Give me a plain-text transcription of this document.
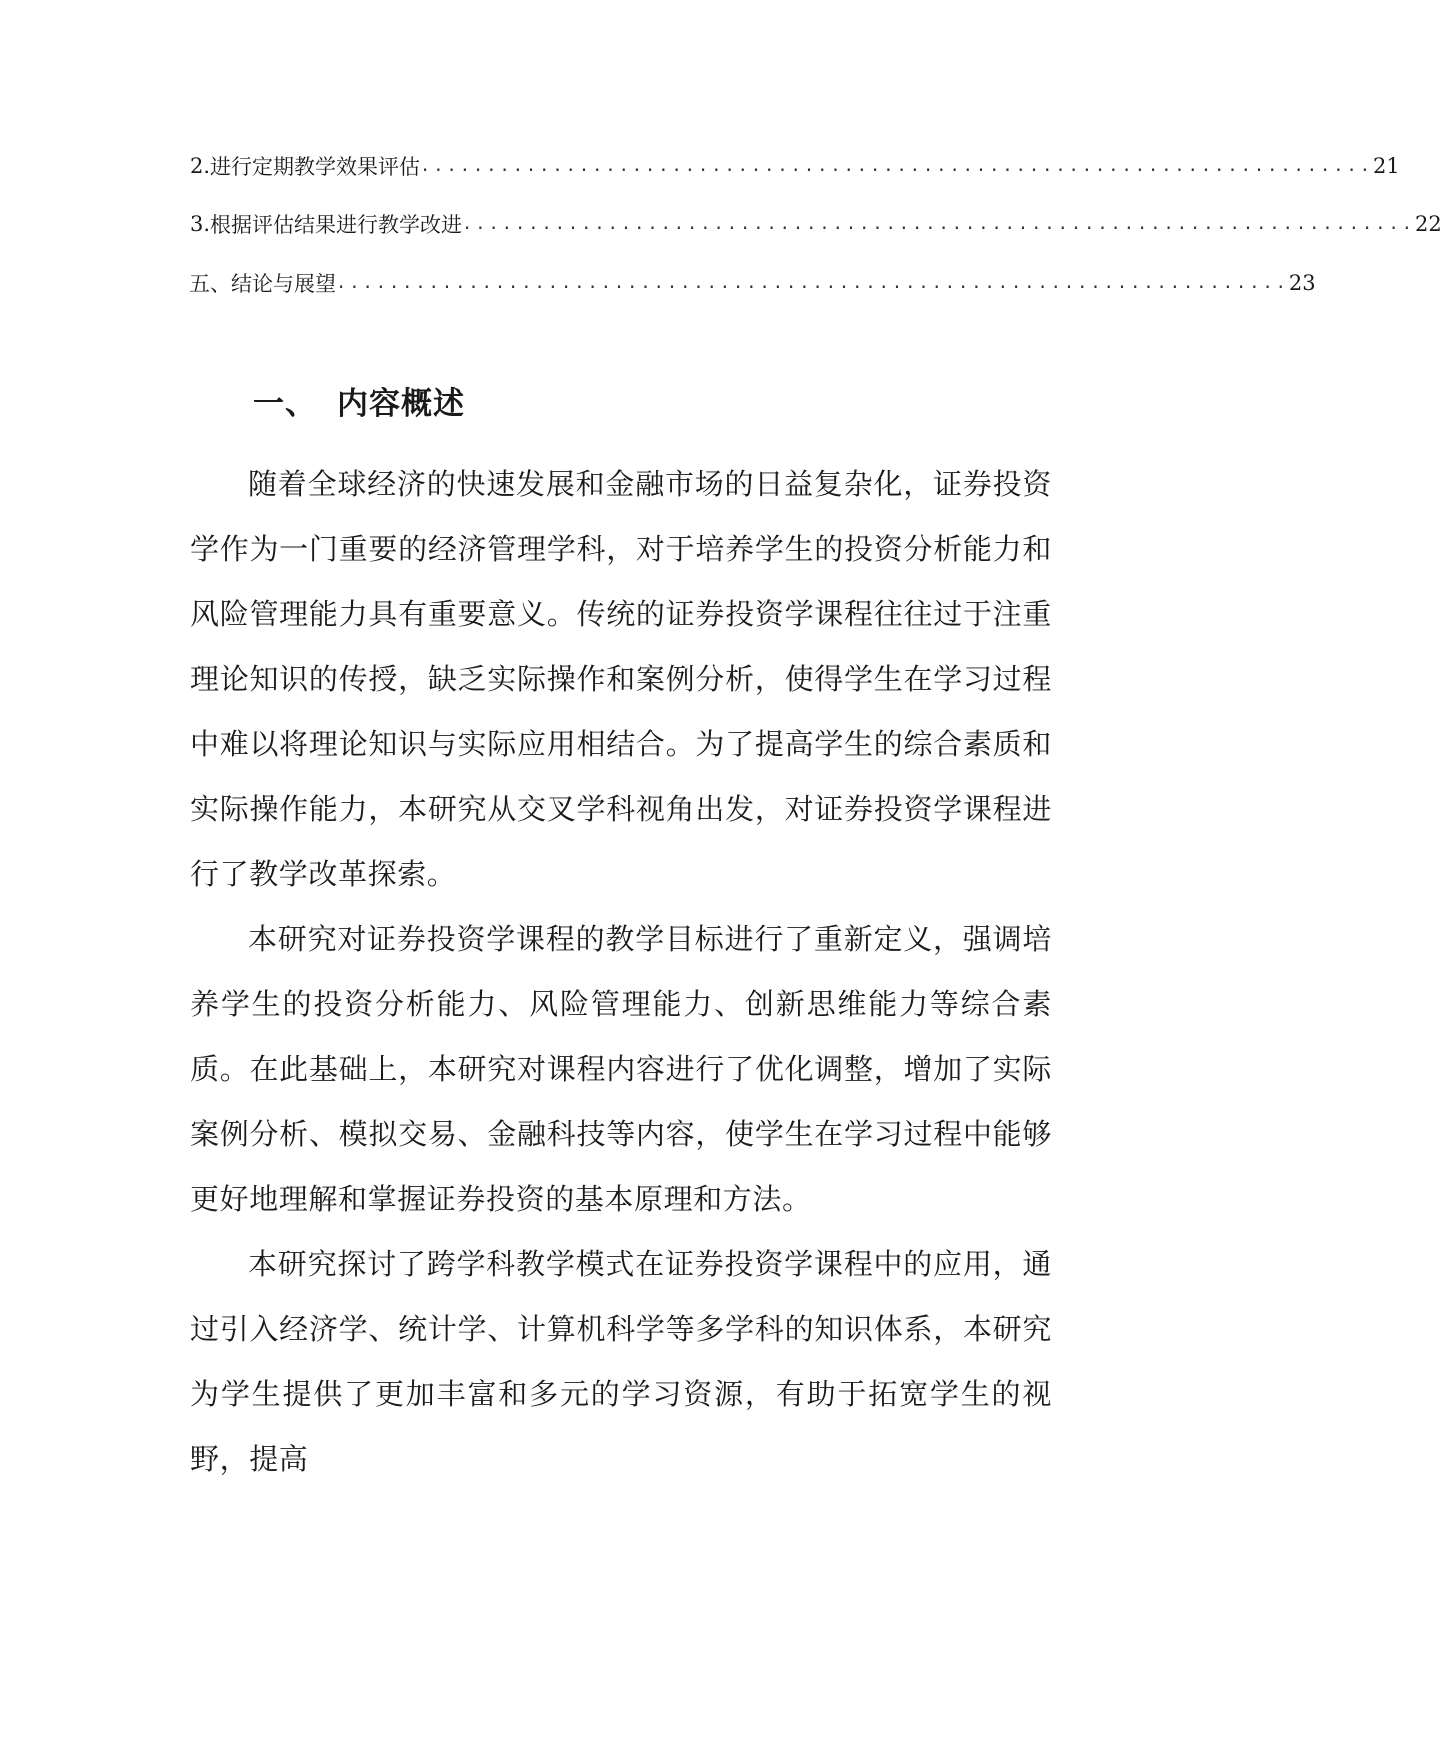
2. 进行定期教学效果评估 ........................................................................ 21
3. 根据评估结果进行教学改进 ........................................................................ 22
五、 结论与展望 ........................................................................ 23
一、 内容概述

随着全球经济的快速发展和金融市场的日益复杂化，证券投资学作为一门重要的经济管理学科，对于培养学生的投资分析能力和风险管理能力具有重要意义。传统的证券投资学课程往往过于注重理论知识的传授，缺乏实际操作和案例分析，使得学生在学习过程中难以将理论知识与实际应用相结合。为了提高学生的综合素质和实际操作能力，本研究从交叉学科视角出发，对证券投资学课程进行了教学改革探索。

本研究对证券投资学课程的教学目标进行了重新定义，强调培养学生的投资分析能力、风险管理能力、创新思维能力等综合素质。在此基础上，本研究对课程内容进行了优化调整，增加了实际案例分析、模拟交易、金融科技等内容，使学生在学习过程中能够更好地理解和掌握证券投资的基本原理和方法。

本研究探讨了跨学科教学模式在证券投资学课程中的应用，通过引入经济学、统计学、计算机科学等多学科的知识体系，本研究为学生提供了更加丰富和多元的学习资源，有助于拓宽学生的视野，提高
